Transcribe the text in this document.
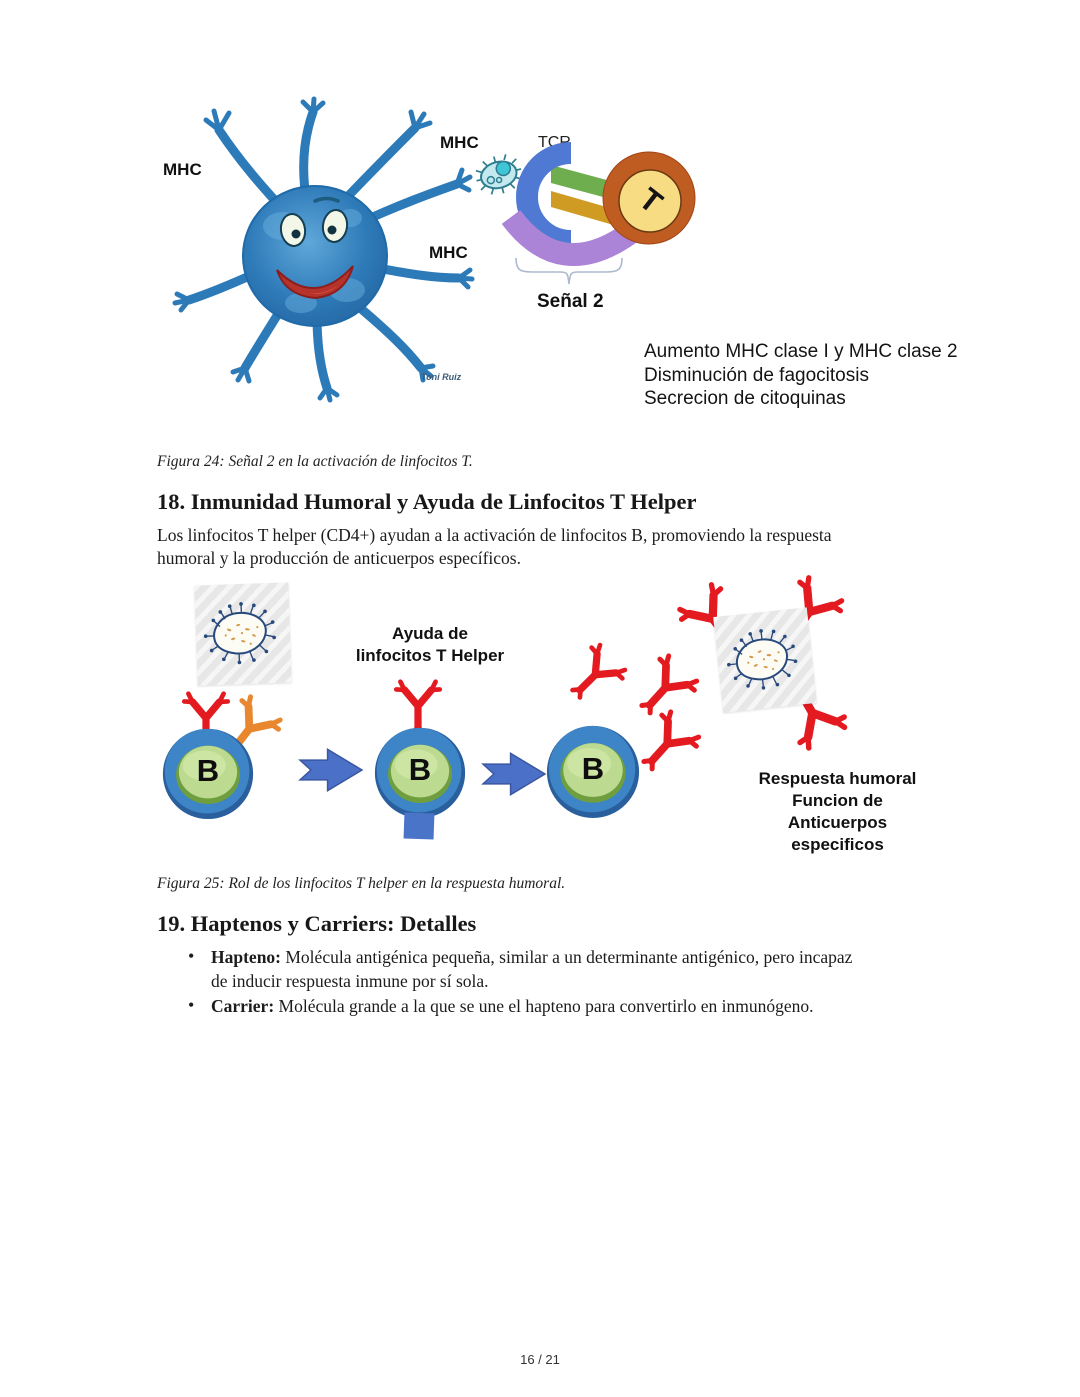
MHC
MHC
MHC
TCR
T
Señal 2
Toni Ruiz
Aumento MHC clase I y MHC clase 2
Disminución de fagocitosis
Secrecion de citoquinas
Figura 24: Señal 2 en la activación de linfocitos T.
18. Inmunidad Humoral y Ayuda de Linfocitos T Helper

Los linfocitos T helper (CD4+) ayudan a la activación de linfocitos B, promoviendo la respuesta humoral y la producción de anticuerpos específicos.

Ayuda de
linfocitos T Helper
B	B	B	Respuesta humoral
Funcion de Anticuerpos
especificos
Figura 25: Rol de los linfocitos T helper en la respuesta humoral.
19. Haptenos y Carriers: Detalles
• Hapteno: Molécula antigénica pequeña, similar a un determinante antigénico, pero incapaz de inducir respuesta inmune por sí sola.
• Carrier: Molécula grande a la que se une el hapteno para convertirlo en inmunógeno.
16 / 21
